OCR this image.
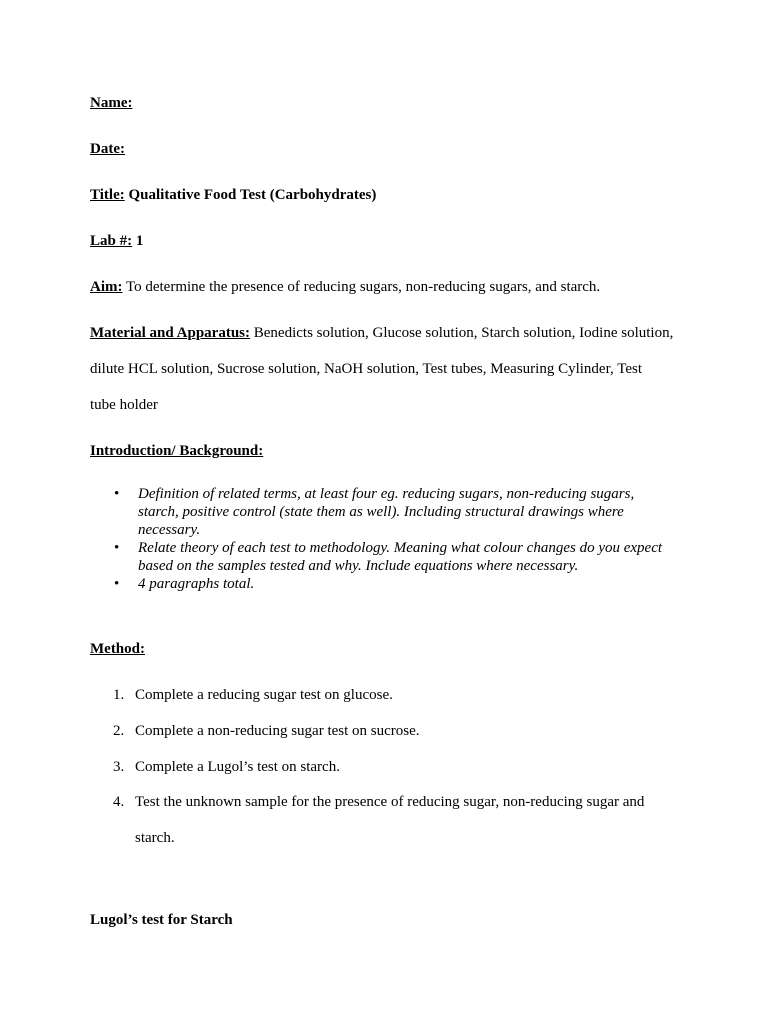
Name:
Date:
Title: Qualitative Food Test (Carbohydrates)
Lab #: 1
Aim: To determine the presence of reducing sugars, non-reducing sugars, and starch.
Material and Apparatus: Benedicts solution, Glucose solution, Starch solution, Iodine solution,
dilute HCL solution, Sucrose solution, NaOH solution, Test tubes, Measuring Cylinder, Test
tube holder
Introduction/ Background:
• Definition of related terms, at least four eg. reducing sugars, non-reducing sugars, starch, positive control (state them as well). Including structural drawings where necessary.
• Relate theory of each test to methodology. Meaning what colour changes do you expect based on the samples tested and why. Include equations where necessary.
• 4 paragraphs total.
Method:
1. Complete a reducing sugar test on glucose.
2. Complete a non-reducing sugar test on sucrose.
3. Complete a Lugol’s test on starch.
4. Test the unknown sample for the presence of reducing sugar, non-reducing sugar and
starch.
Lugol’s test for Starch
